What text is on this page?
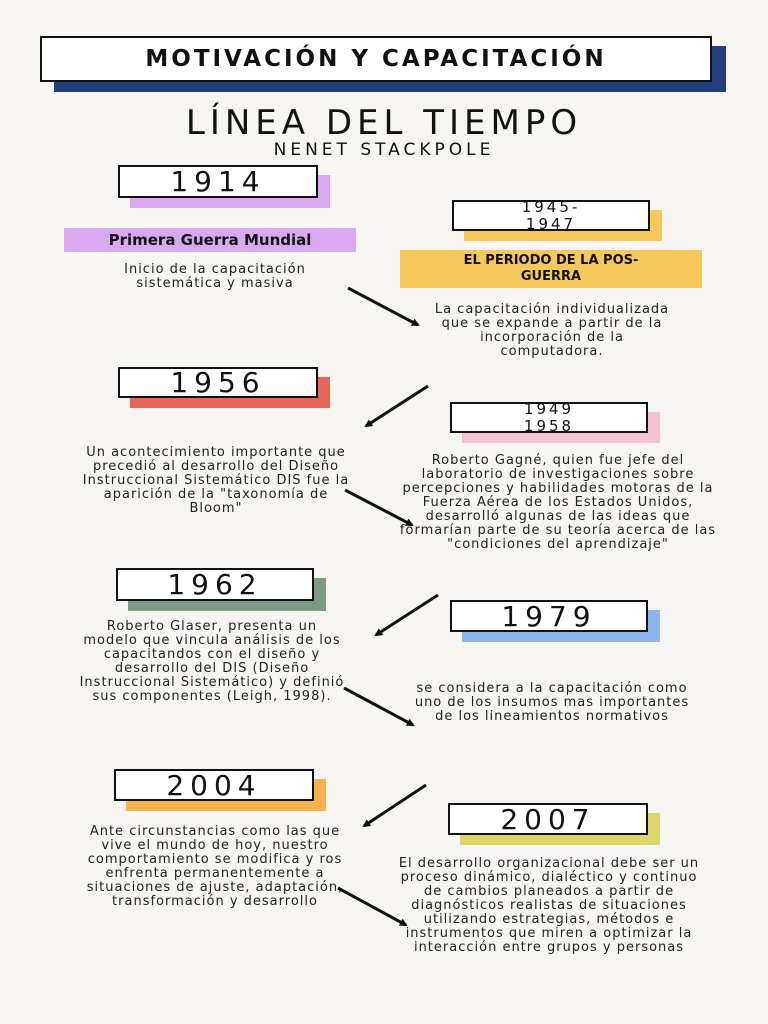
MOTIVACIÓN Y CAPACITACIÓN
LÍNEA DEL TIEMPO
NENET STACKPOLE
1914
Primera Guerra Mundial
Inicio de la capacitación sistemática y masiva
1945-
1947
EL PERIODO DE LA POS-
GUERRA
La capacitación individualizada que se expande a partir de la incorporación de la computadora.
1956
Un acontecimiento importante que precedió al desarrollo del Diseño Instruccional Sistemático DIS fue la aparición de la "taxonomía de Bloom"
1949
1958
Roberto Gagné, quien fue jefe del laboratorio de investigaciones sobre percepciones y habilidades motoras de la Fuerza Aérea de los Estados Unidos, desarrolló algunas de las ideas que formarían parte de su teoría acerca de las "condiciones del aprendizaje"
1962
Roberto Glaser, presenta un modelo que vincula análisis de los capacitandos con el diseño y desarrollo del DIS (Diseño Instruccional Sistemático) y definió sus componentes (Leigh, 1998).
1979
se considera a la capacitación como uno de los insumos mas importantes de los lineamientos normativos
2004
Ante circunstancias como las que vive el mundo de hoy, nuestro comportamiento se modifica y ros enfrenta permanentemente a situaciones de ajuste, adaptación, transformación y desarrollo
2007
El desarrollo organizacional debe ser un proceso dinámico, dialéctico y continuo de cambios planeados a partir de diagnósticos realistas de situaciones utilizando estrategias, métodos e instrumentos que miren a optimizar la interacción entre grupos y personas
